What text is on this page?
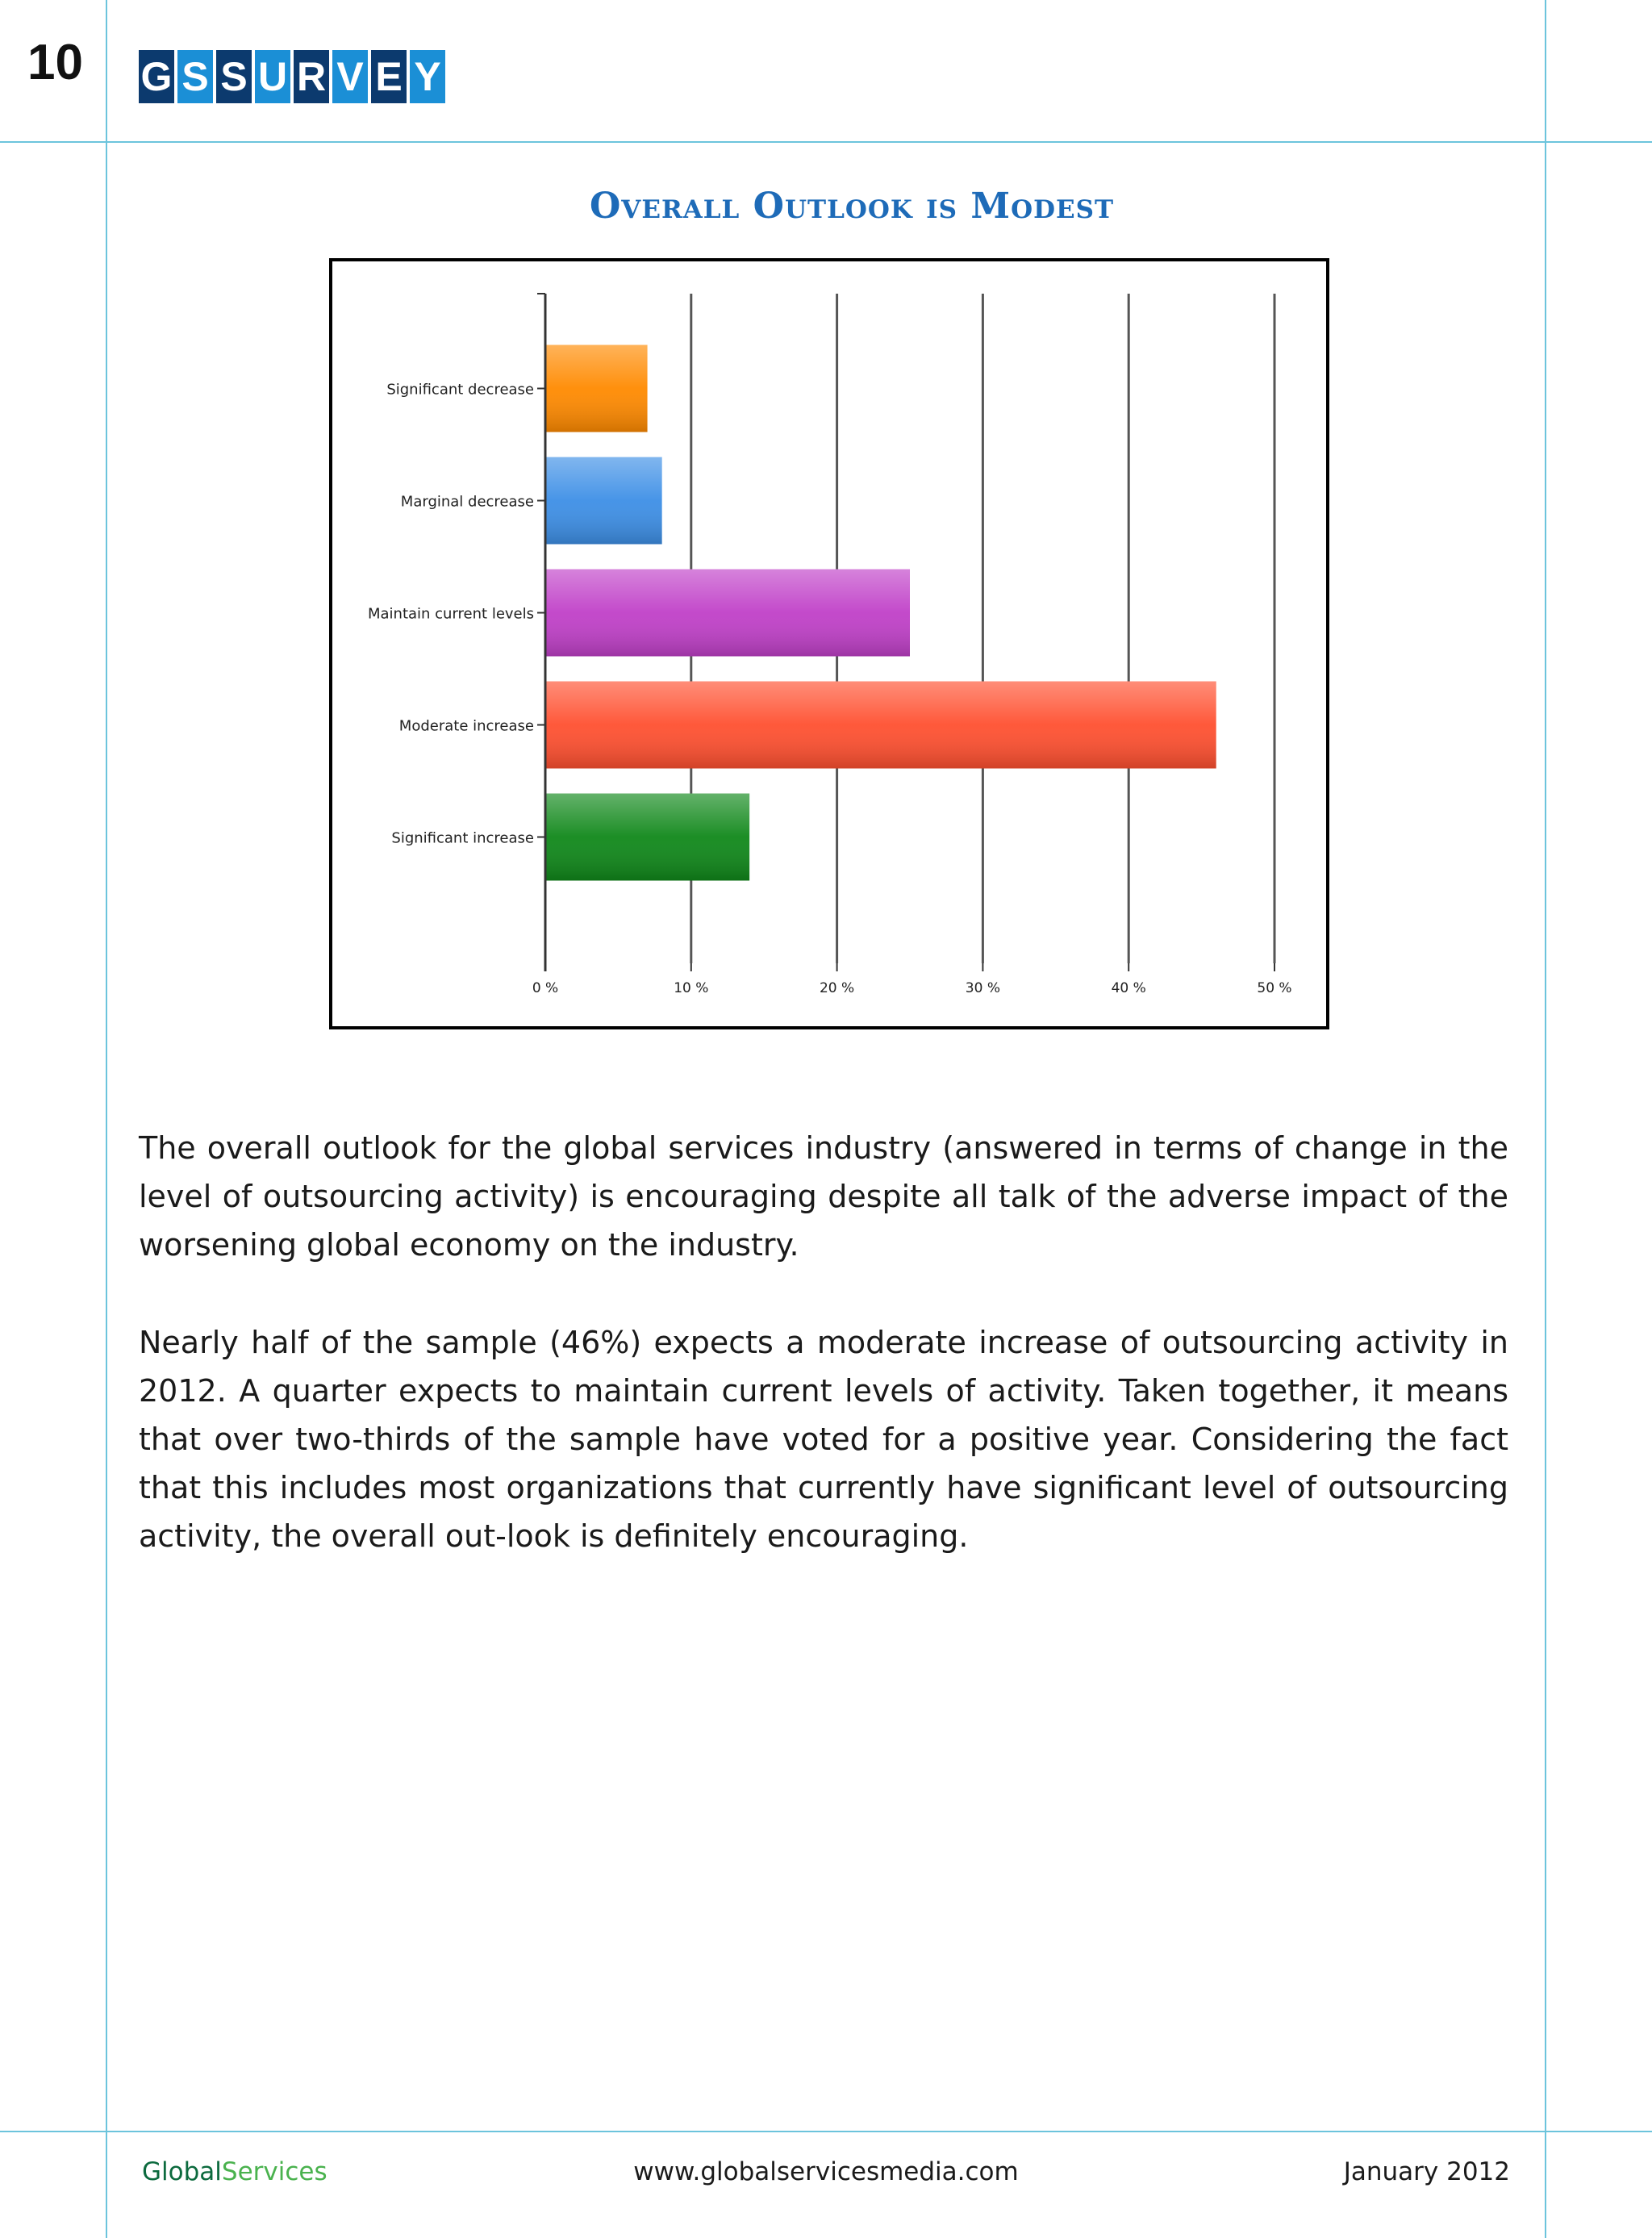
10 G S S U R V E Y
Overall Outlook is Modest
0 %	10 %	20 %	30 %	40 %	50 %
Significant decrease
Marginal decrease
Maintain current levels
Moderate increase
Significant increase

The overall outlook for the global services industry (answered in terms of change in the level of outsourcing activity) is encouraging despite all talk of the adverse impact of the worsening global economy on the industry.

Nearly half of the sample (46%) expects a moderate increase of outsourcing activity in 2012. A quarter expects to maintain current levels of activity. Taken together, it means that over two-thirds of the sample have voted for a positive year. Considering the fact that this includes most organizations that currently have significant level of outsourcing activity, the overall out-look is definitely encouraging.

GlobalServices	www.globalservicesmedia.com	January 2012
